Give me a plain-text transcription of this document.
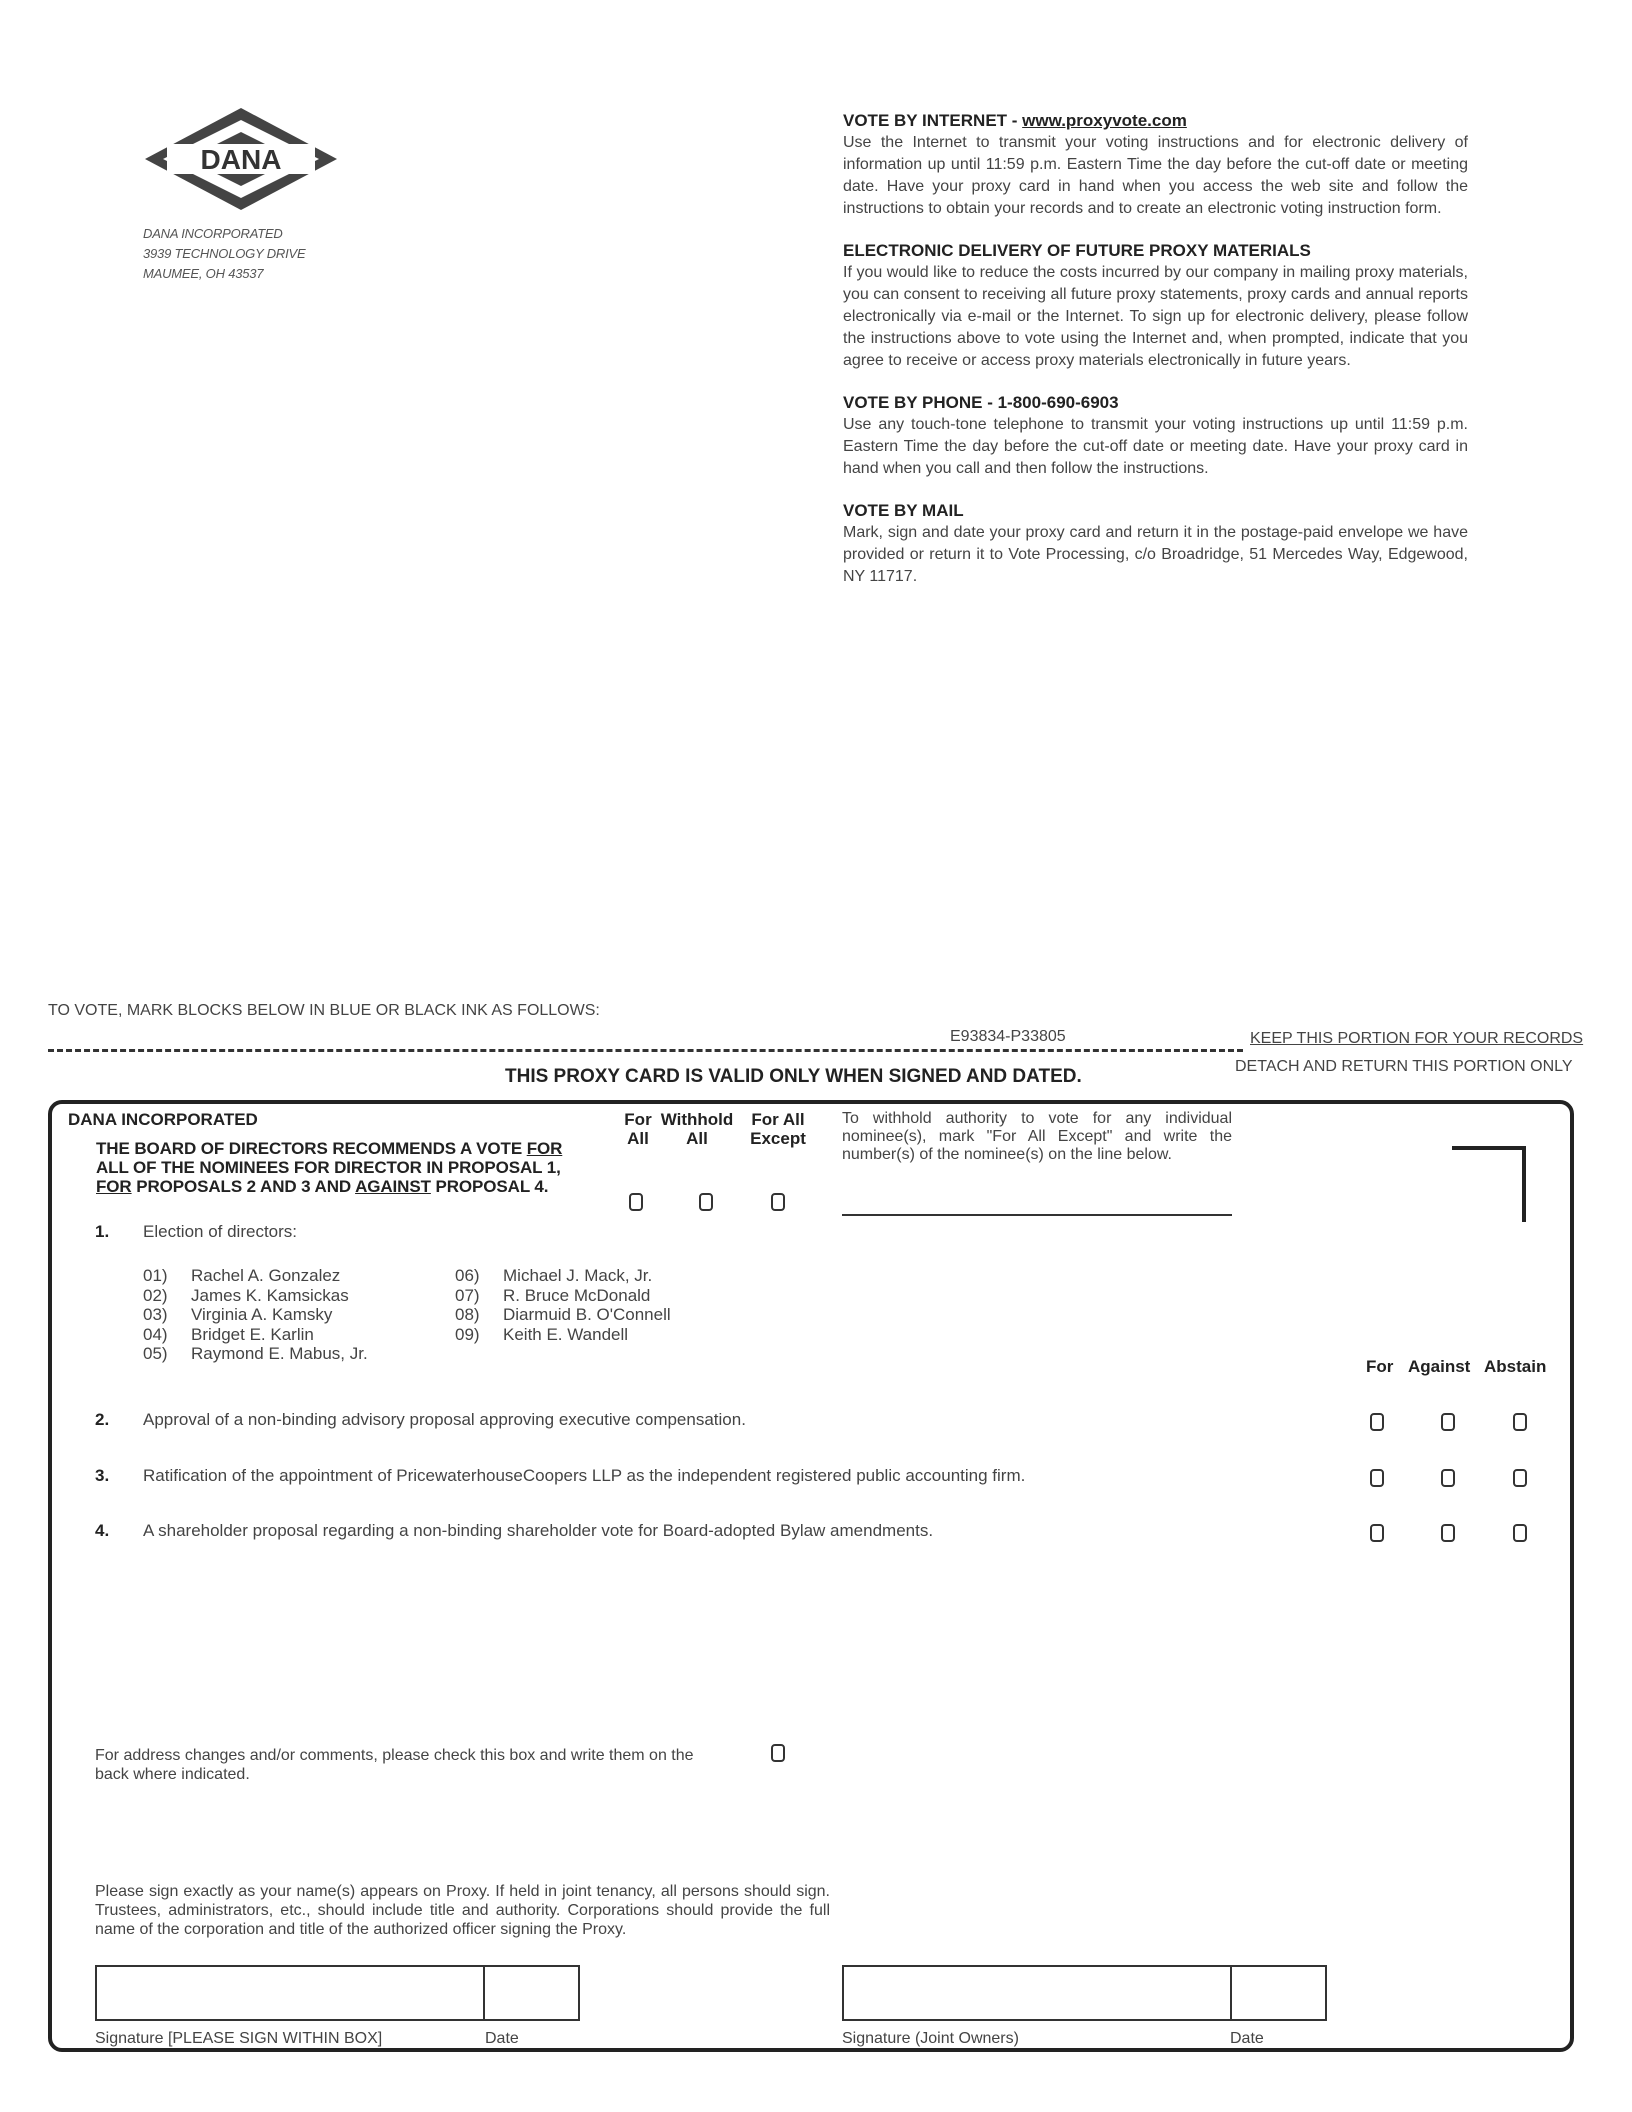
DANA
DANA INCORPORATED
3939 TECHNOLOGY DRIVE
MAUMEE, OH 43537
VOTE BY INTERNET - www.proxyvote.com
Use the Internet to transmit your voting instructions and for electronic delivery of information up until 11:59 p.m. Eastern Time the day before the cut-off date or meeting date. Have your proxy card in hand when you access the web site and follow the instructions to obtain your records and to create an electronic voting instruction form.
ELECTRONIC DELIVERY OF FUTURE PROXY MATERIALS
If you would like to reduce the costs incurred by our company in mailing proxy materials, you can consent to receiving all future proxy statements, proxy cards and annual reports electronically via e-mail or the Internet. To sign up for electronic delivery, please follow the instructions above to vote using the Internet and, when prompted, indicate that you agree to receive or access proxy materials electronically in future years.
VOTE BY PHONE - 1-800-690-6903
Use any touch-tone telephone to transmit your voting instructions up until 11:59 p.m. Eastern Time the day before the cut-off date or meeting date. Have your proxy card in hand when you call and then follow the instructions.
VOTE BY MAIL
Mark, sign and date your proxy card and return it in the postage-paid envelope we have provided or return it to Vote Processing, c/o Broadridge, 51 Mercedes Way, Edgewood, NY 11717.
TO VOTE, MARK BLOCKS BELOW IN BLUE OR BLACK INK AS FOLLOWS:
E93834-P33805	KEEP THIS PORTION FOR YOUR RECORDS
DETACH AND RETURN THIS PORTION ONLY
THIS PROXY CARD IS VALID ONLY WHEN SIGNED AND DATED.
DANA INCORPORATED
THE BOARD OF DIRECTORS RECOMMENDS A VOTE FOR ALL OF THE NOMINEES FOR DIRECTOR IN PROPOSAL 1, FOR PROPOSALS 2 AND 3 AND AGAINST PROPOSAL 4.
For
All
Withhold
All
For All
Except
To withhold authority to vote for any individual nominee(s), mark "For All Except" and write the number(s) of the nominee(s) on the line below.
1. Election of directors:
01) Rachel A. Gonzalez
02) James K. Kamsickas
03) Virginia A. Kamsky
04) Bridget E. Karlin
05) Raymond E. Mabus, Jr.
06) Michael J. Mack, Jr.
07) R. Bruce McDonald
08) Diarmuid B. O'Connell
09) Keith E. Wandell
For Against Abstain
2. Approval of a non-binding advisory proposal approving executive compensation.
3. Ratification of the appointment of PricewaterhouseCoopers LLP as the independent registered public accounting firm.
4. A shareholder proposal regarding a non-binding shareholder vote for Board-adopted Bylaw amendments.
For address changes and/or comments, please check this box and write them on the back where indicated.
Please sign exactly as your name(s) appears on Proxy. If held in joint tenancy, all persons should sign. Trustees, administrators, etc., should include title and authority. Corporations should provide the full name of the corporation and title of the authorized officer signing the Proxy.
Signature [PLEASE SIGN WITHIN BOX]	Date	Signature (Joint Owners)	Date
